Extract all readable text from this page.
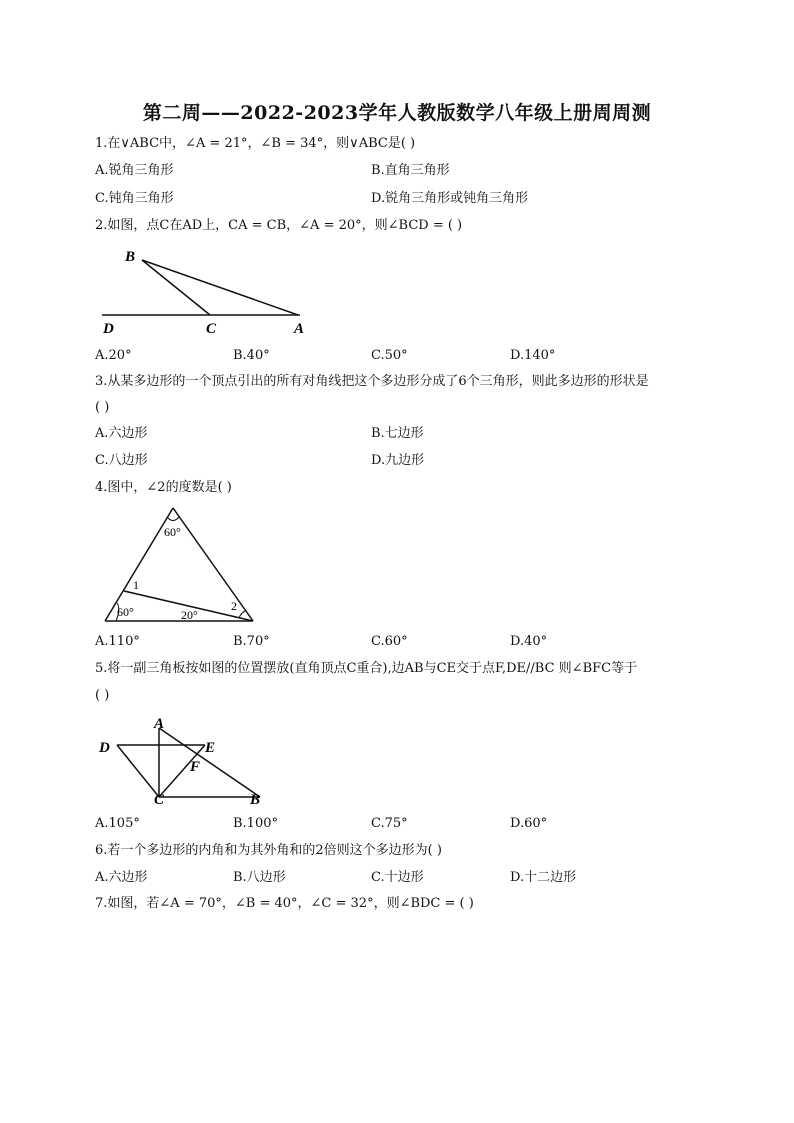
第二周——2022-2023学年人教版数学八年级上册周周测
1.在∨ABC中，∠A = 21°，∠B = 34°，则∨ABC是( )
A.锐角三角形	B.直角三角形
C.钝角三角形	D.锐角三角形或钝角三角形
2.如图，点C在AD上，CA = CB，∠A = 20°，则∠BCD = ( )
B
D	C	A
A.20°	B.40°	C.50°	D.140°
3.从某多边形的一个顶点引出的所有对角线把这个多边形分成了6个三角形，则此多边形的形状是
( )
A.六边形	B.七边形
C.八边形	D.九边形
4.图中，∠2的度数是( )
60°
1
60°	20°
2
A.110°	B.70°	C.60°	D.40°
5.将一副三角板按如图的位置摆放(直角顶点C重合),边AB与CE交于点F,DE//BC 则∠BFC等于
( )
A
D	E
F
C	B
A.105°	B.100°	C.75°	D.60°
6.若一个多边形的内角和为其外角和的2倍则这个多边形为( )
A.六边形	B.八边形	C.十边形	D.十二边形
7.如图，若∠A = 70°，∠B = 40°，∠C = 32°，则∠BDC = ( )
